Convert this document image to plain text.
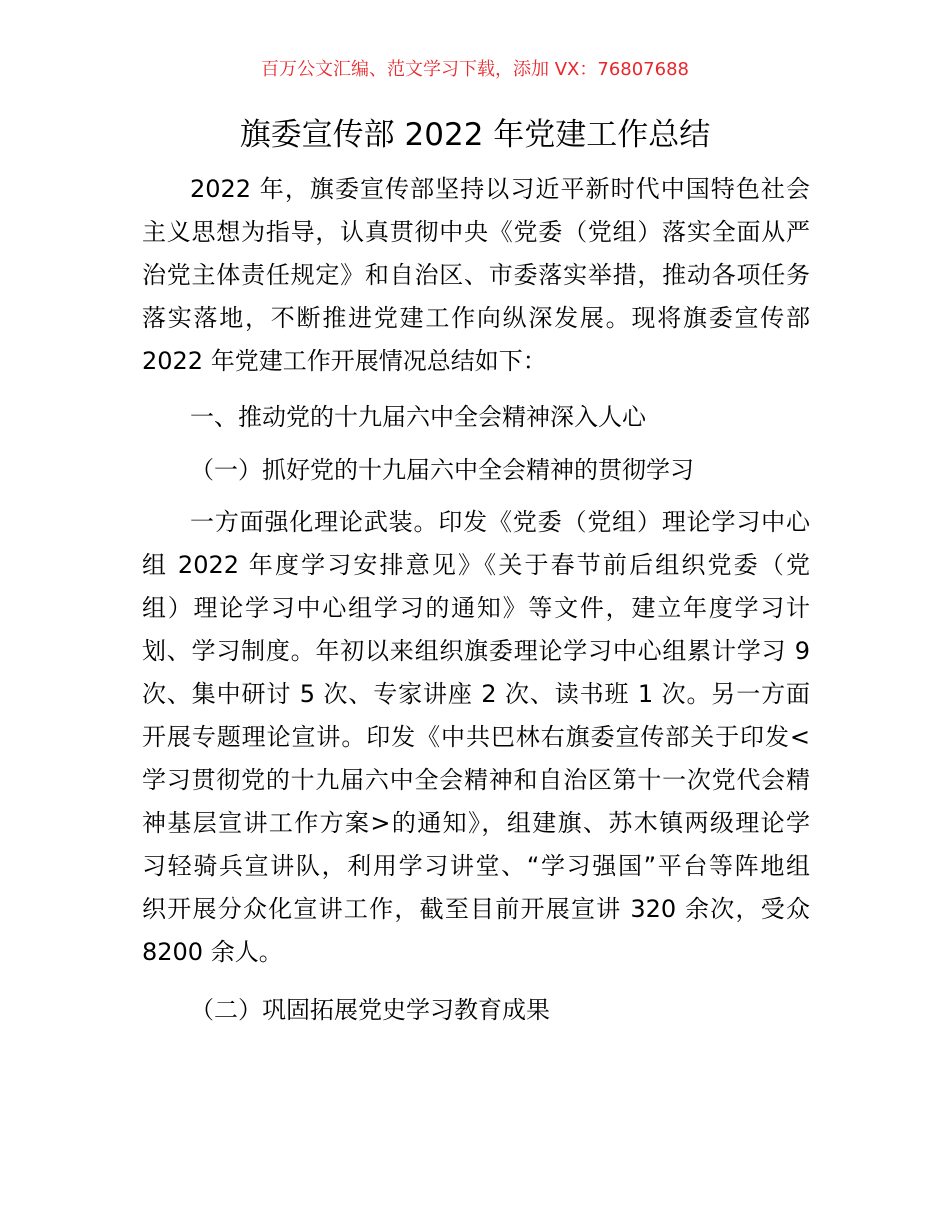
百万公文汇编、范文学习下载，添加 VX：76807688
旗委宣传部 2022 年党建工作总结
2022 年，旗委宣传部坚持以习近平新时代中国特色社会
主义思想为指导，认真贯彻中央《党委（党组）落实全面从严
治党主体责任规定》和自治区、市委落实举措，推动各项任务
落实落地，不断推进党建工作向纵深发展。现将旗委宣传部
2022 年党建工作开展情况总结如下：
一、推动党的十九届六中全会精神深入人心
（一）抓好党的十九届六中全会精神的贯彻学习
一方面强化理论武装。印发《党委（党组）理论学习中心
组 2022 年度学习安排意见》《关于春节前后组织党委（党
组）理论学习中心组学习的通知》等文件，建立年度学习计
划、学习制度。年初以来组织旗委理论学习中心组累计学习 9
次、集中研讨 5 次、专家讲座 2 次、读书班 1 次。另一方面
开展专题理论宣讲。印发《中共巴林右旗委宣传部关于印发<
学习贯彻党的十九届六中全会精神和自治区第十一次党代会精
神基层宣讲工作方案>的通知》，组建旗、苏木镇两级理论学
习轻骑兵宣讲队，利用学习讲堂、“学习强国”平台等阵地组
织开展分众化宣讲工作，截至目前开展宣讲 320 余次，受众
8200 余人。
（二）巩固拓展党史学习教育成果
